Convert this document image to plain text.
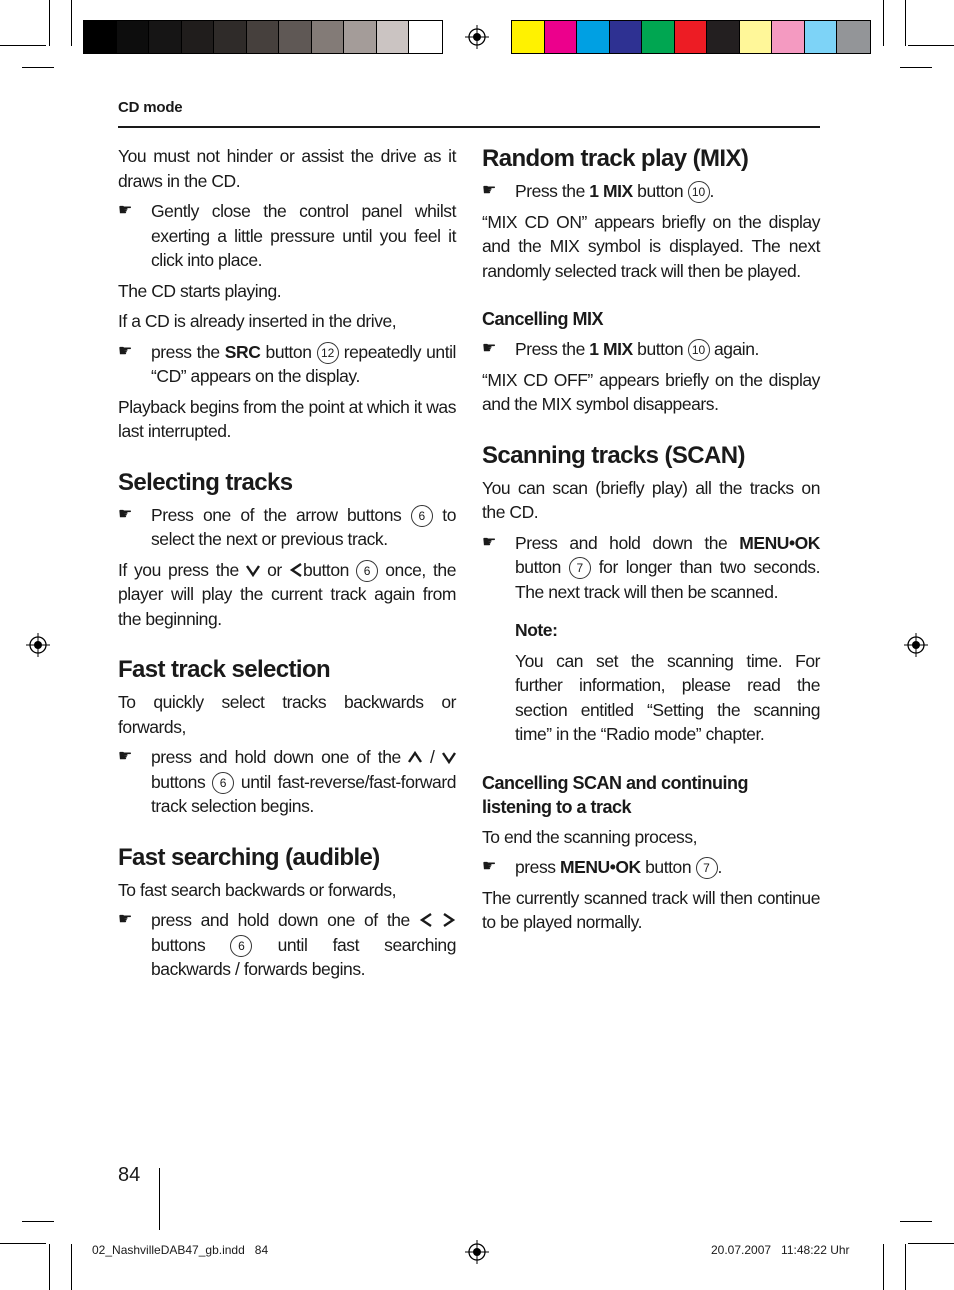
CD mode

You must not hinder or assist the drive as it draws in the CD.

☛	Gently close the control panel whilst exerting a little pressure until you feel it click into place.

The CD starts playing.

If a CD is already inserted in the drive,

☛	press the SRC button 12 repeatedly until “CD” appears on the display.

Playback begins from the point at which it was last interrupted.

Selecting tracks
☛	Press one of the arrow buttons 6 to select the next or previous track.

If you press the  or button 6 once, the player will play the current track again from the beginning.

Fast track selection

To quickly select tracks backwards or forwards,

☛	press and hold down one of the  /  buttons 6 until fast-reverse/fast-forward track selection begins.
Fast searching (audible)

To fast search backwards or forwards,

☛	press and hold down one of the   buttons 6 until fast searching backwards / forwards begins.
Random track play (MIX)
☛	Press the 1 MIX button 10 .

“MIX CD ON” appears briefly on the display and the MIX symbol is displayed. The next randomly selected track will then be played.

Cancelling MIX
☛	Press the 1 MIX button 10 again.

“MIX CD OFF” appears briefly on the display and the MIX symbol disappears.

Scanning tracks (SCAN)

You can scan (briefly play) all the tracks on the CD.

☛	Press and hold down the MENU•OK button 7 for longer than two seconds. The next track will then be scanned.
Note:
You can set the scanning time. For further information, please read the section entitled “Setting the scanning time” in the “Radio mode” chapter.
Cancelling SCAN and continuing listening to a track

To end the scanning process,

☛	press MENU•OK button 7 .

The currently scanned track will then continue to be played normally.

84
02_NashvilleDAB47_gb.indd   84	20.07.2007   11:48:22 Uhr
